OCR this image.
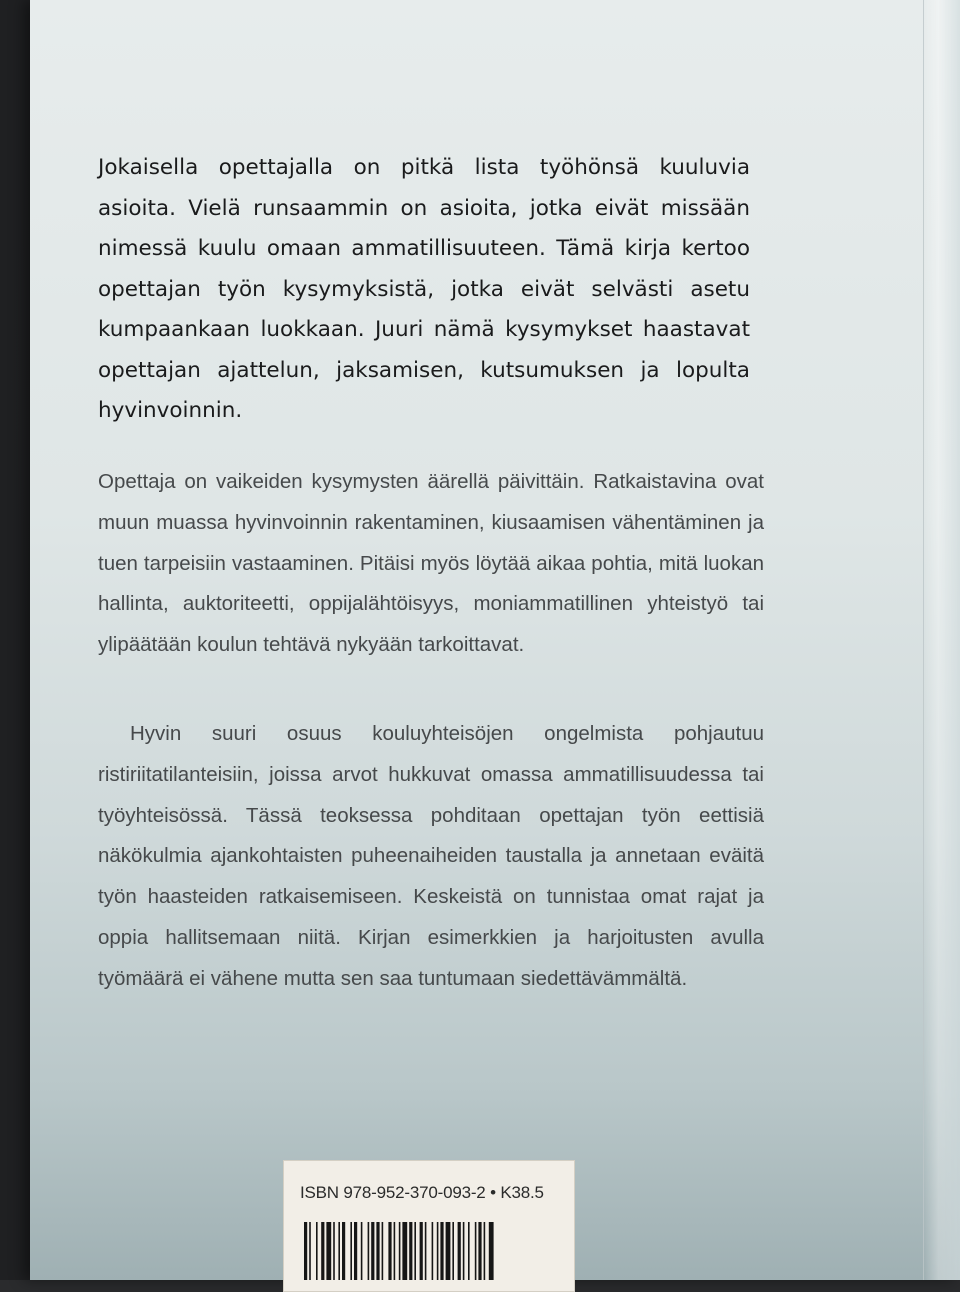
Jokaisella opettajalla on pitkä lista työhönsä kuuluvia asioita. Vielä runsaammin on asioita, jotka eivät missään nimessä kuulu omaan ammatillisuuteen. Tämä kirja kertoo opettajan työn kysymyksistä, jotka eivät selvästi asetu kumpaankaan luokkaan. Juuri nämä kysymykset haastavat opettajan ajattelun, jaksamisen, kutsumuksen ja lopulta hyvinvoinnin.

Opettaja on vaikeiden kysymysten äärellä päivittäin. Ratkaistavina ovat muun muassa hyvinvoinnin rakentaminen, kiusaamisen vähentäminen ja tuen tarpeisiin vastaaminen. Pitäisi myös löytää aikaa pohtia, mitä luokan hallinta, auktoriteetti, oppijalähtöisyys, moniammatillinen yhteistyö tai ylipäätään koulun tehtävä nykyään tarkoittavat.

Hyvin suuri osuus kouluyhteisöjen ongelmista pohjautuu ristiriitatilanteisiin, joissa arvot hukkuvat omassa ammatillisuudessa tai työyhteisössä. Tässä teoksessa pohditaan opettajan työn eettisiä näkökulmia ajankohtaisten puheenaiheiden taustalla ja annetaan eväitä työn haasteiden ratkaisemiseen. Keskeistä on tunnistaa omat rajat ja oppia hallitsemaan niitä. Kirjan esimerkkien ja harjoitusten avulla työmäärä ei vähene mutta sen saa tuntumaan siedettävämmältä.

ISBN 978-952-370-093-2 • K38.5
